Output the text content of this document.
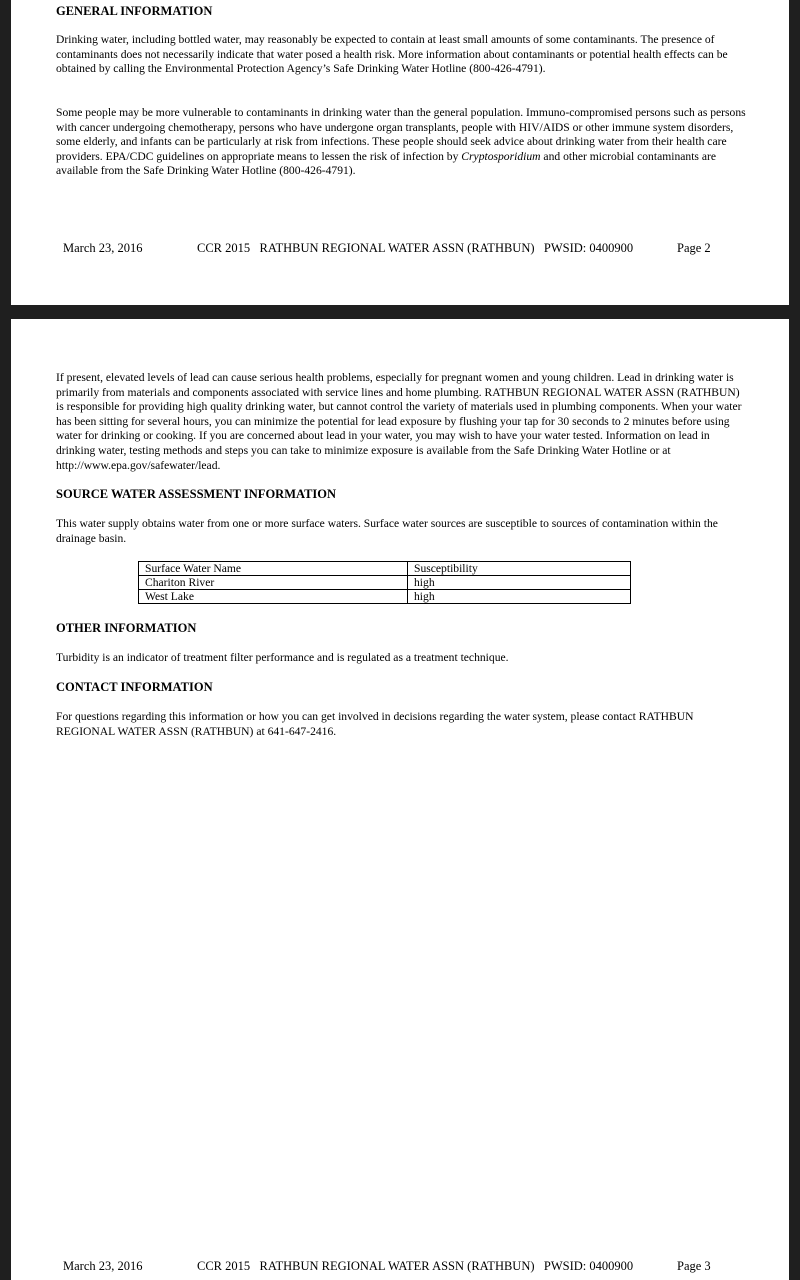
GENERAL INFORMATION

Drinking water, including bottled water, may reasonably be expected to contain at least small amounts of some contaminants. The presence of contaminants does not necessarily indicate that water posed a health risk. More information about contaminants or potential health effects can be obtained by calling the Environmental Protection Agency’s Safe Drinking Water Hotline (800-426-4791).

Some people may be more vulnerable to contaminants in drinking water than the general population. Immuno-compromised persons such as persons with cancer undergoing chemotherapy, persons who have undergone organ transplants, people with HIV/AIDS or other immune system disorders, some elderly, and infants can be particularly at risk from infections. These people should seek advice about drinking water from their health care providers. EPA/CDC guidelines on appropriate means to lessen the risk of infection by Cryptosporidium and other microbial contaminants are available from the Safe Drinking Water Hotline (800-426-4791).

March 23, 2016	CCR 2015   RATHBUN REGIONAL WATER ASSN (RATHBUN)   PWSID: 0400900	Page 2

If present, elevated levels of lead can cause serious health problems, especially for pregnant women and young children. Lead in drinking water is primarily from materials and components associated with service lines and home plumbing. RATHBUN REGIONAL WATER ASSN (RATHBUN) is responsible for providing high quality drinking water, but cannot control the variety of materials used in plumbing components. When your water has been sitting for several hours, you can minimize the potential for lead exposure by flushing your tap for 30 seconds to 2 minutes before using water for drinking or cooking. If you are concerned about lead in your water, you may wish to have your water tested. Information on lead in drinking water, testing methods and steps you can take to minimize exposure is available from the Safe Drinking Water Hotline or at http://www.epa.gov/safewater/lead.

SOURCE WATER ASSESSMENT INFORMATION

This water supply obtains water from one or more surface waters. Surface water sources are susceptible to sources of contamination within the drainage basin.

Surface Water Name	Susceptibility
Chariton River	high
West Lake	high
OTHER INFORMATION

Turbidity is an indicator of treatment filter performance and is regulated as a treatment technique.

CONTACT INFORMATION

For questions regarding this information or how you can get involved in decisions regarding the water system, please contact RATHBUN REGIONAL WATER ASSN (RATHBUN) at 641-647-2416.

March 23, 2016	CCR 2015   RATHBUN REGIONAL WATER ASSN (RATHBUN)   PWSID: 0400900	Page 3
